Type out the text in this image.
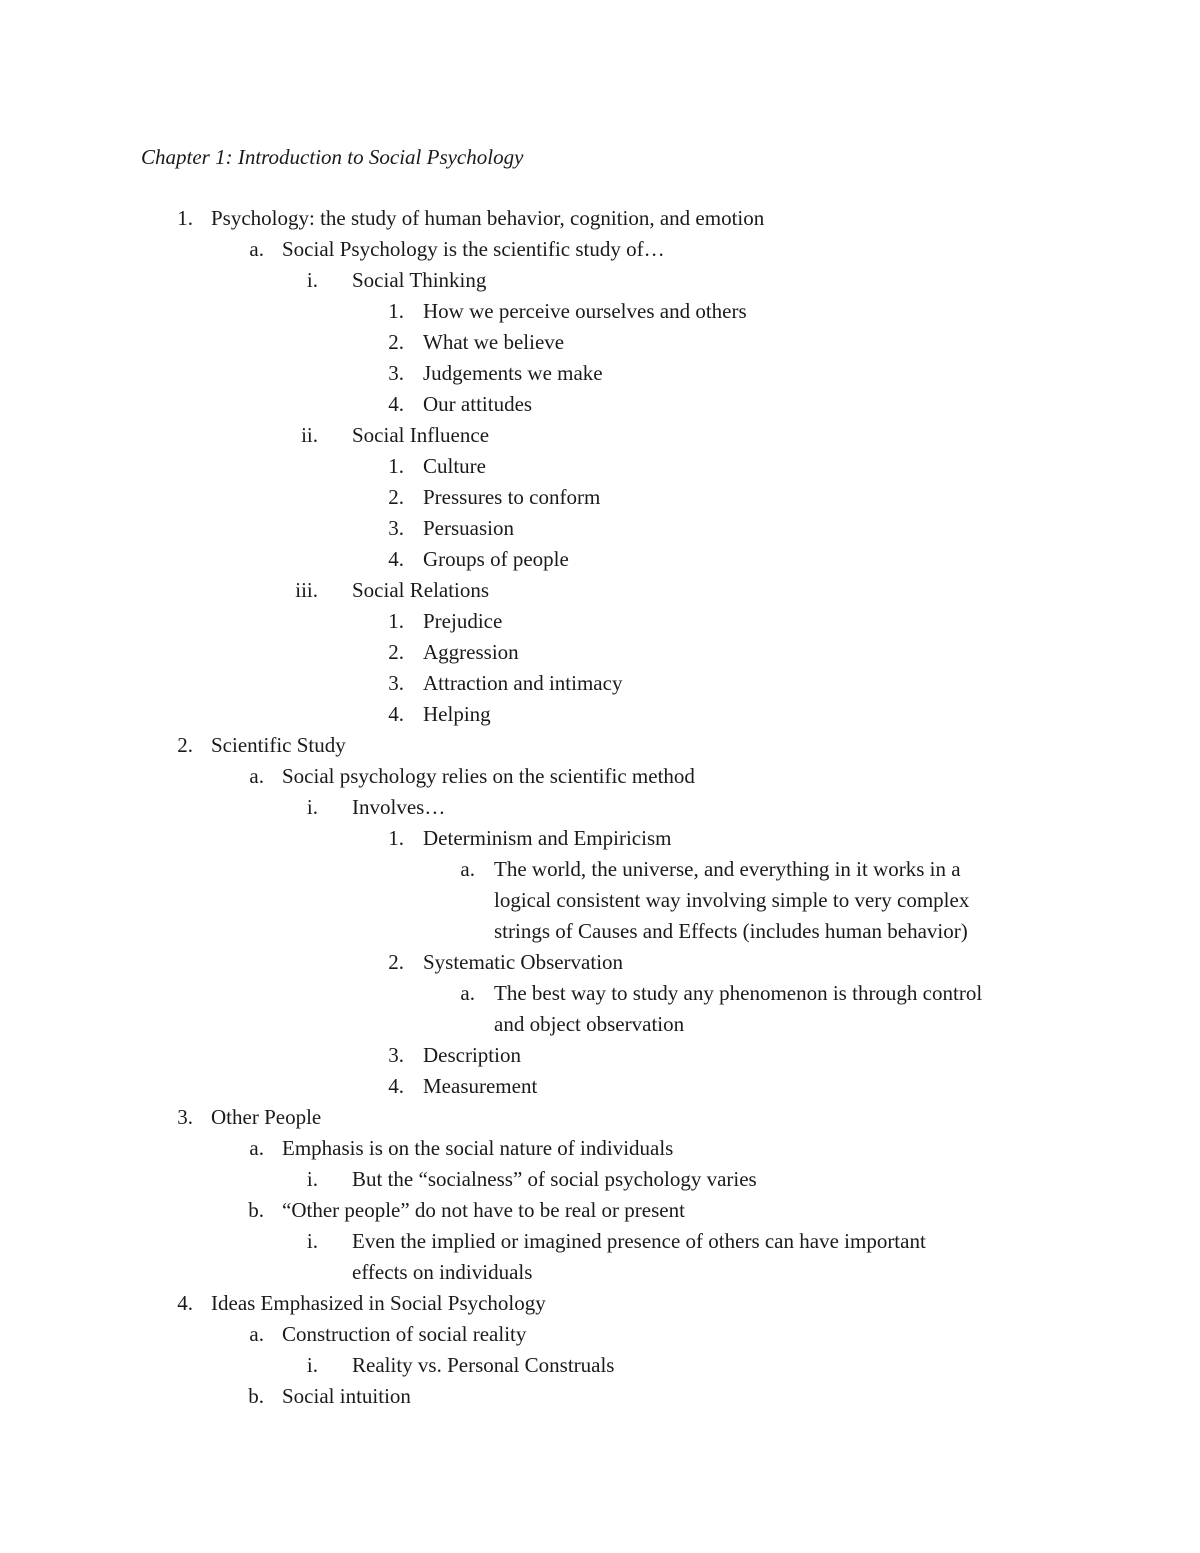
Chapter 1: Introduction to Social Psychology
1. Psychology: the study of human behavior, cognition, and emotion
a. Social Psychology is the scientific study of…
i. Social Thinking
1. How we perceive ourselves and others
2. What we believe
3. Judgements we make
4. Our attitudes
ii. Social Influence
1. Culture
2. Pressures to conform
3. Persuasion
4. Groups of people
iii. Social Relations
1. Prejudice
2. Aggression
3. Attraction and intimacy
4. Helping
2. Scientific Study
a. Social psychology relies on the scientific method
i. Involves…
1. Determinism and Empiricism
a. The world, the universe, and everything in it works in a
logical consistent way involving simple to very complex
strings of Causes and Effects (includes human behavior)
2. Systematic Observation
a. The best way to study any phenomenon is through control
and object observation
3. Description
4. Measurement
3. Other People
a. Emphasis is on the social nature of individuals
i. But the “socialness” of social psychology varies
b. “Other people” do not have to be real or present
i. Even the implied or imagined presence of others can have important
effects on individuals
4. Ideas Emphasized in Social Psychology
a. Construction of social reality
i. Reality vs. Personal Construals
b. Social intuition
